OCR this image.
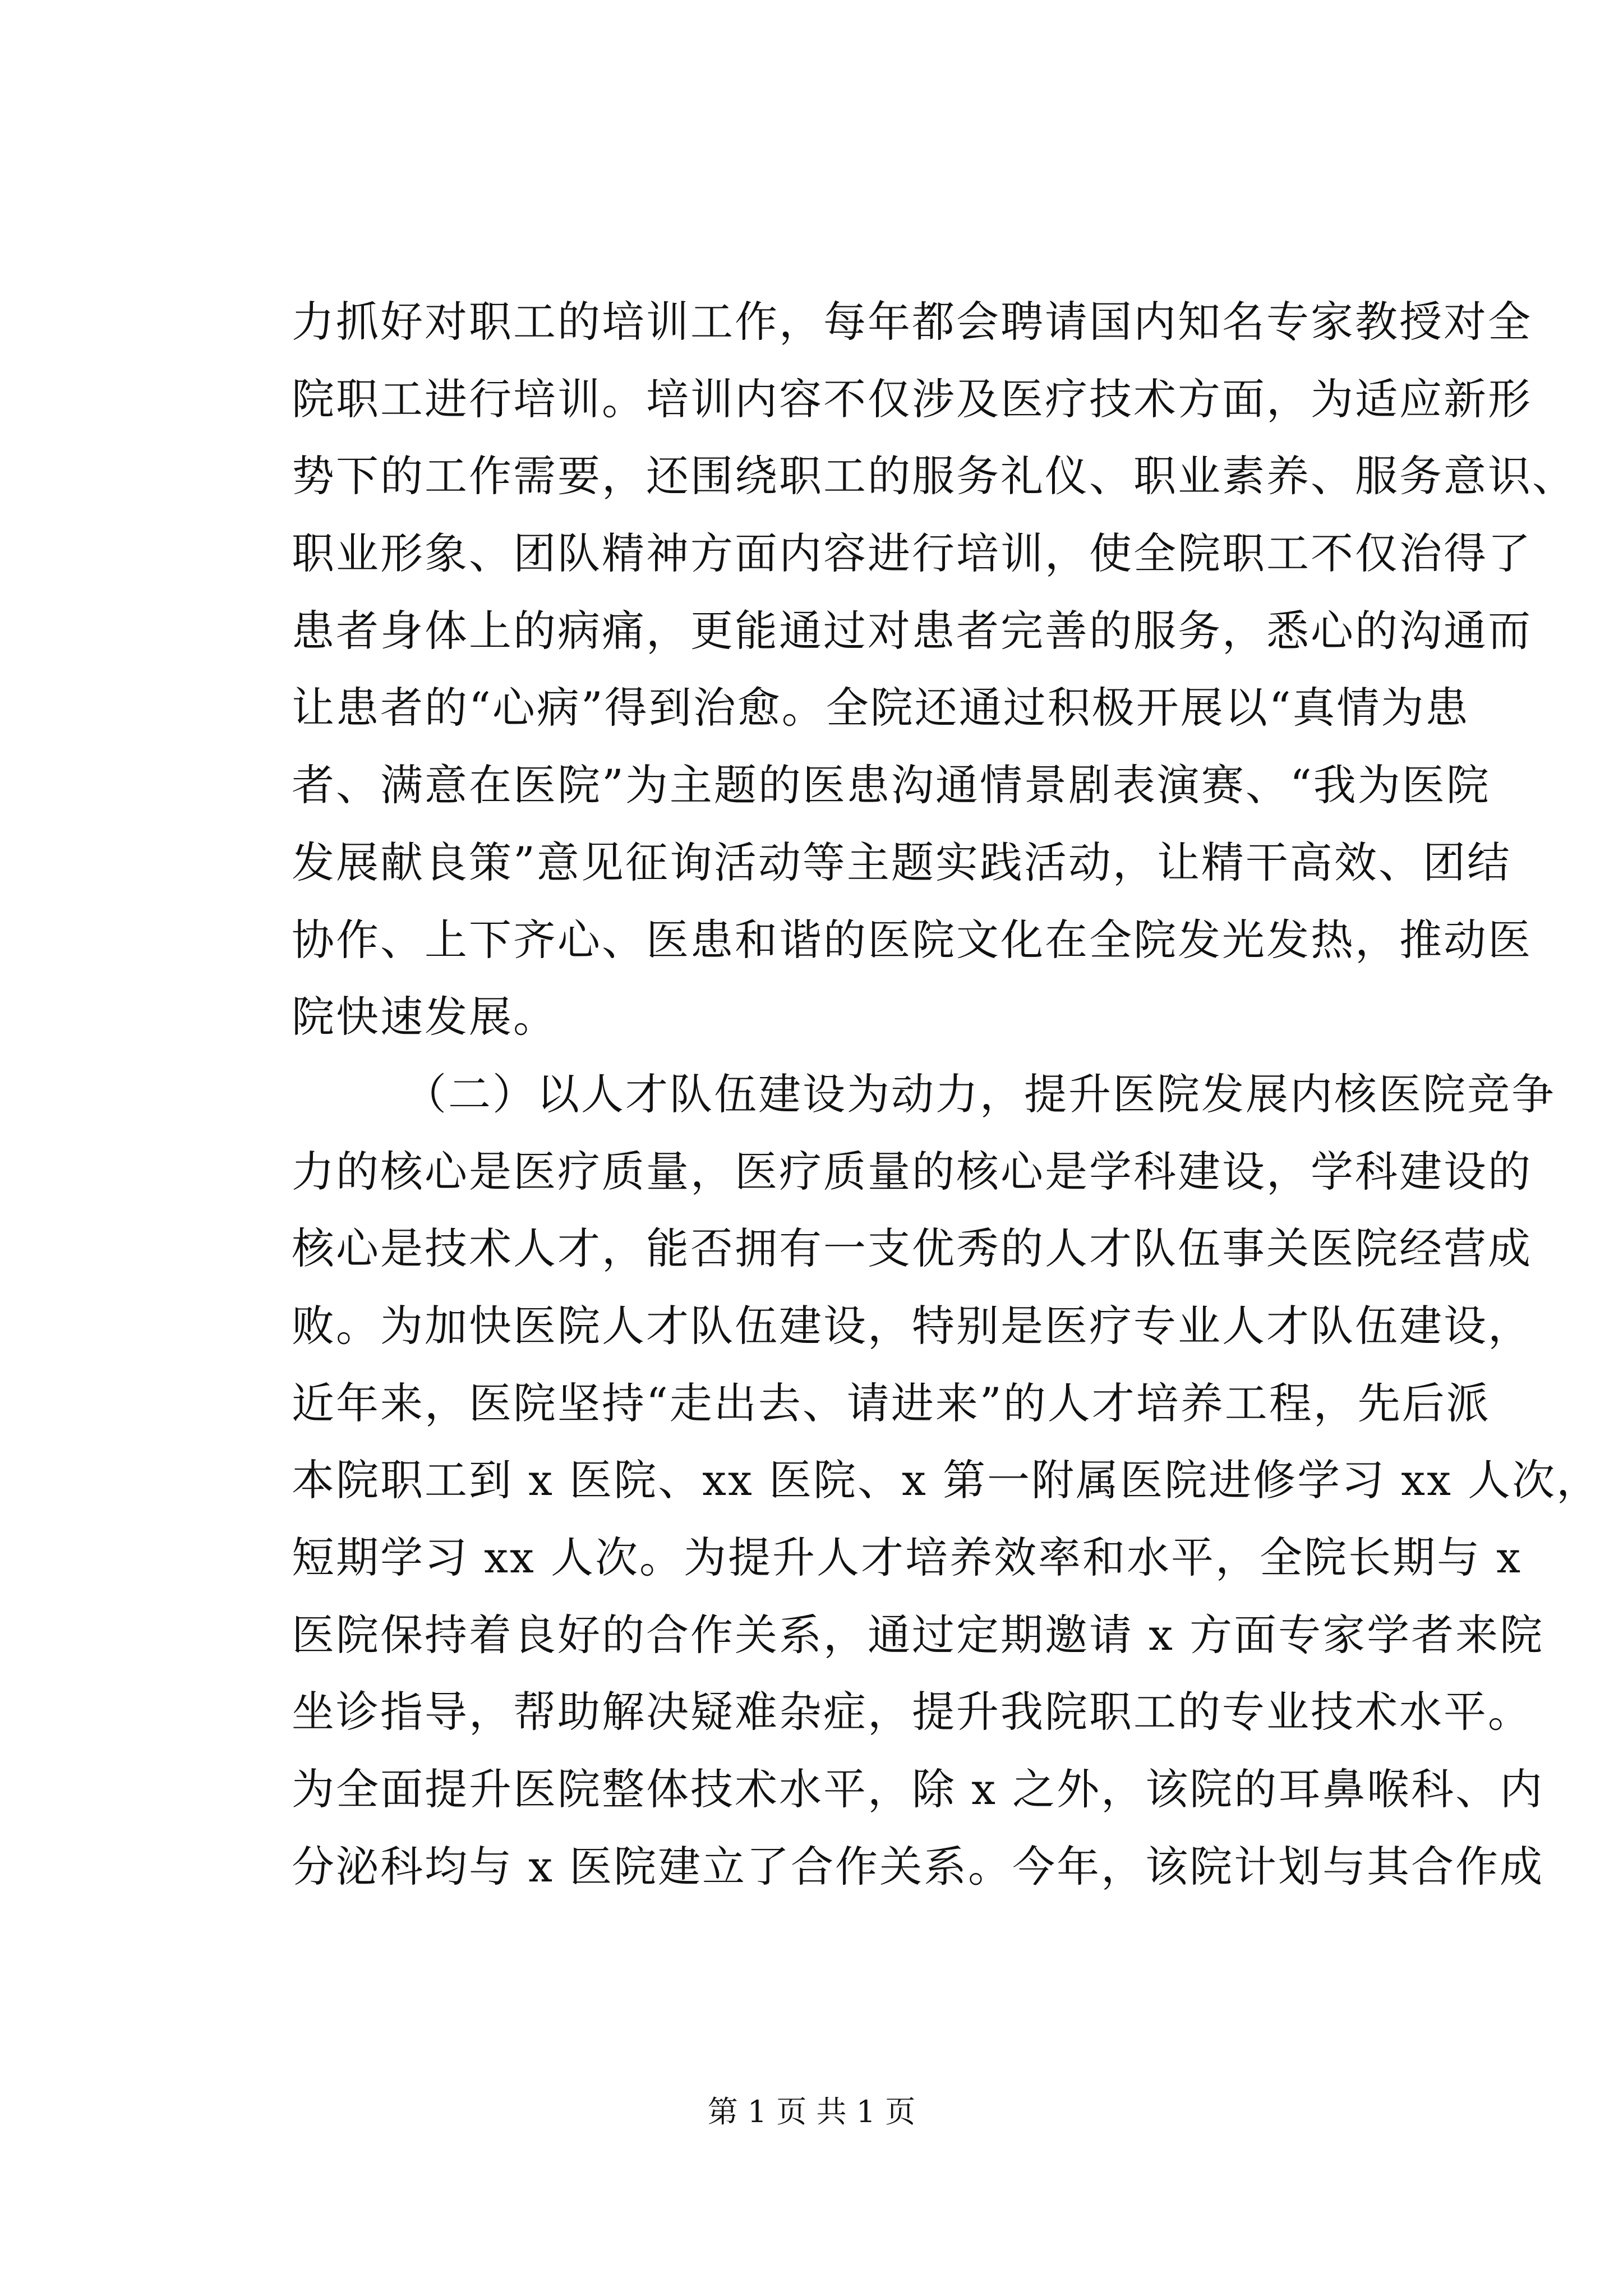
力抓好对职工的培训工作，每年都会聘请国内知名专家教授对全
院职工进行培训。培训内容不仅涉及医疗技术方面，为适应新形
势下的工作需要，还围绕职工的服务礼仪、职业素养、服务意识、
职业形象、团队精神方面内容进行培训，使全院职工不仅治得了
患者身体上的病痛，更能通过对患者完善的服务，悉心的沟通而
让患者的“心病”得到治愈。全院还通过积极开展以“真情为患
者、满意在医院”为主题的医患沟通情景剧表演赛、“我为医院
发展献良策”意见征询活动等主题实践活动，让精干高效、团结
协作、上下齐心、医患和谐的医院文化在全院发光发热，推动医
院快速发展。
（二）以人才队伍建设为动力，提升医院发展内核医院竞争
力的核心是医疗质量，医疗质量的核心是学科建设，学科建设的
核心是技术人才，能否拥有一支优秀的人才队伍事关医院经营成
败。为加快医院人才队伍建设，特别是医疗专业人才队伍建设，
近年来，医院坚持“走出去、请进来”的人才培养工程，先后派
本院职工到 x 医院、xx 医院、x 第一附属医院进修学习 xx 人次，
短期学习 xx 人次。为提升人才培养效率和水平，全院长期与 x
医院保持着良好的合作关系，通过定期邀请 x 方面专家学者来院
坐诊指导，帮助解决疑难杂症，提升我院职工的专业技术水平。
为全面提升医院整体技术水平，除 x 之外，该院的耳鼻喉科、内
分泌科均与 x 医院建立了合作关系。今年，该院计划与其合作成
第 1 页 共 1 页
